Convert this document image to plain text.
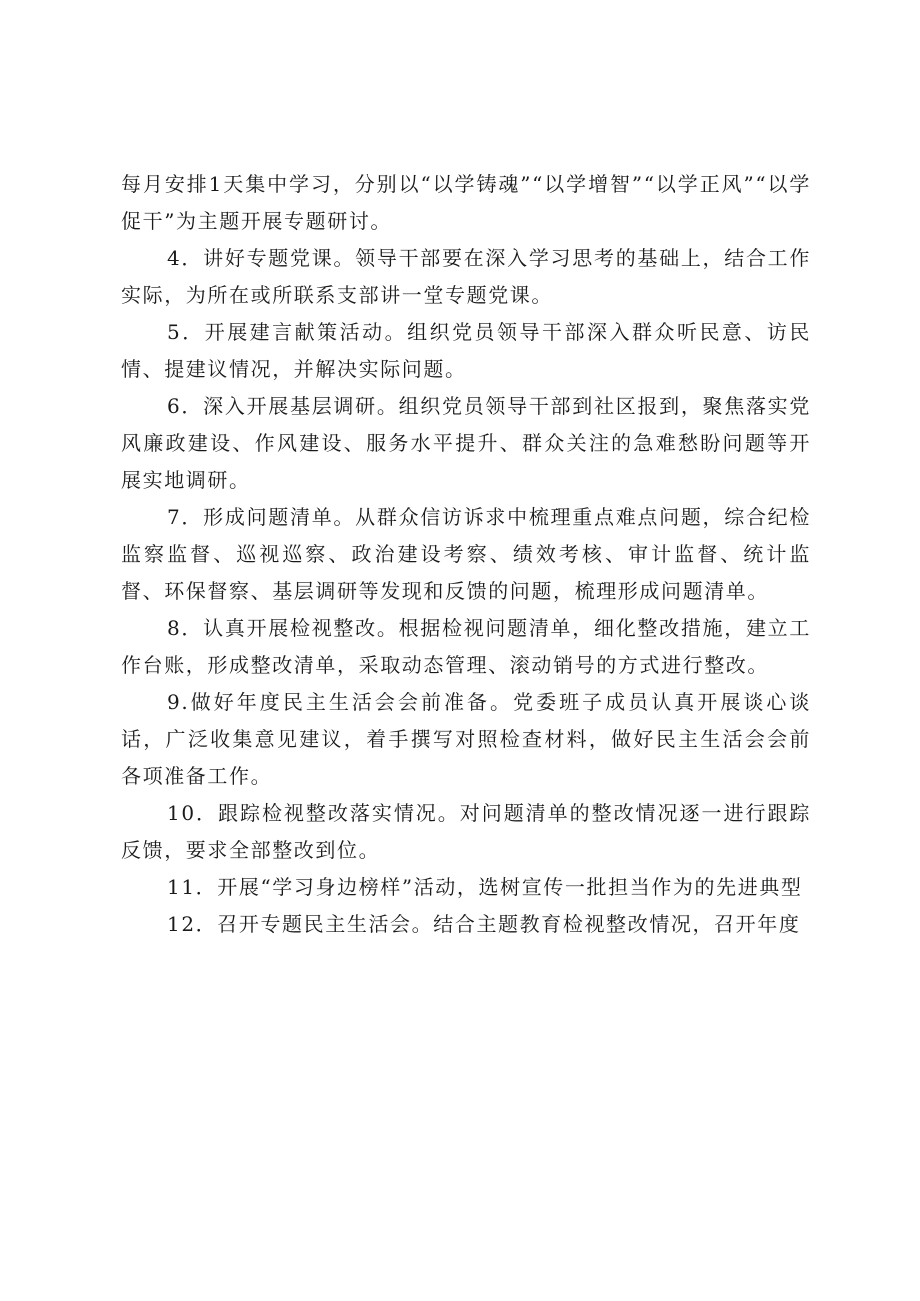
每月安排1天集中学习，分别以“以学铸魂”“以学增智”“以学正风”“以学促干”为主题开展专题研讨。

4．讲好专题党课。领导干部要在深入学习思考的基础上，结合工作实际，为所在或所联系支部讲一堂专题党课。

5．开展建言献策活动。组织党员领导干部深入群众听民意、访民情、提建议情况，并解决实际问题。

6．深入开展基层调研。组织党员领导干部到社区报到，聚焦落实党风廉政建设、作风建设、服务水平提升、群众关注的急难愁盼问题等开展实地调研。

7．形成问题清单。从群众信访诉求中梳理重点难点问题，综合纪检监察监督、巡视巡察、政治建设考察、绩效考核、审计监督、统计监督、环保督察、基层调研等发现和反馈的问题，梳理形成问题清单。

8．认真开展检视整改。根据检视问题清单，细化整改措施，建立工作台账，形成整改清单，采取动态管理、滚动销号的方式进行整改。

9.做好年度民主生活会会前准备。党委班子成员认真开展谈心谈话，广泛收集意见建议，着手撰写对照检查材料，做好民主生活会会前各项准备工作。

10．跟踪检视整改落实情况。对问题清单的整改情况逐一进行跟踪反馈，要求全部整改到位。

11．开展“学习身边榜样”活动，选树宣传一批担当作为的先进典型

12．召开专题民主生活会。结合主题教育检视整改情况，召开年度
